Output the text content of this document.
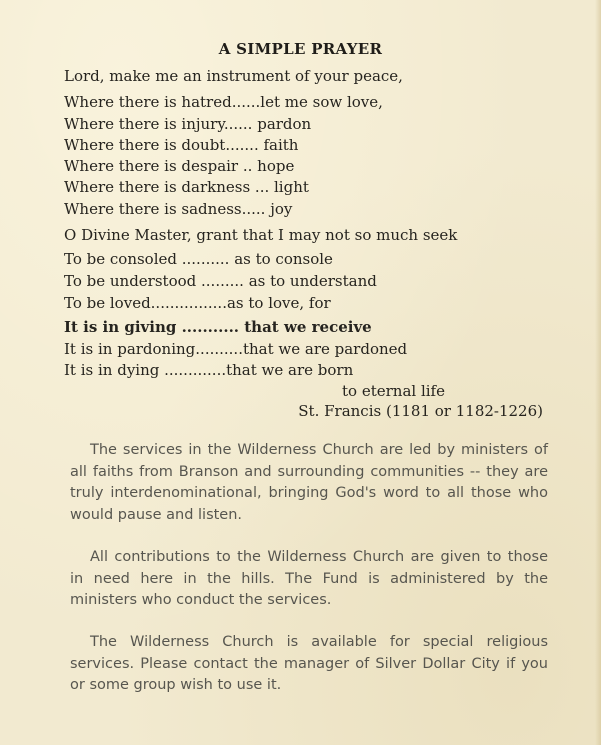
A SIMPLE PRAYER
Lord, make me an instrument of your peace,
Where there is hatred......let me sow love,
Where there is injury...... pardon
Where there is doubt....... faith
Where there is despair .. hope
Where there is darkness ... light
Where there is sadness..... joy
O Divine Master, grant that I may not so much seek
To be consoled .......... as to console
To be understood ......... as to understand
To be loved................as to love, for
It is in giving ........... that we receive
It is in pardoning..........that we are pardoned
It is in dying .............that we are born
to eternal life
St. Francis (1181 or 1182-1226)

The services in the Wilderness Church are led by ministers of all faiths from Branson and surrounding communities -- they are truly interdenominational, bringing God's word to all those who would pause and listen.

All contributions to the Wilderness Church are given to those in need here in the hills. The Fund is administered by the ministers who conduct the services.

The Wilderness Church is available for special religious services. Please contact the manager of Silver Dollar City if you or some group wish to use it.
